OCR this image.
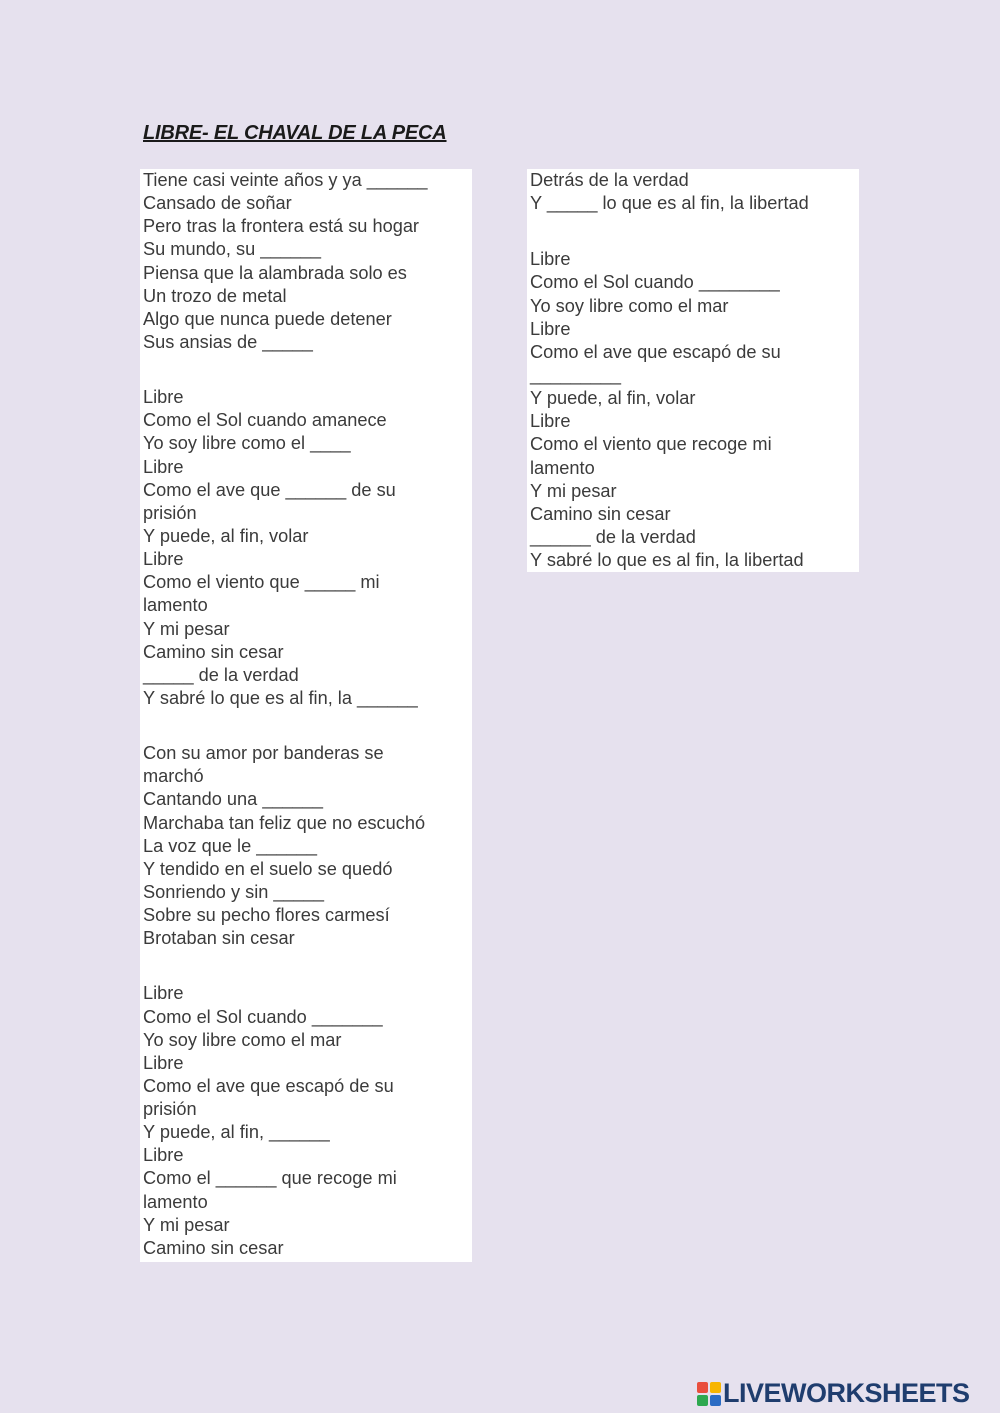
LIBRE- EL CHAVAL DE LA PECA
Tiene casi veinte años y ya ______
Cansado de soñar
Pero tras la frontera está su hogar
Su mundo, su ______
Piensa que la alambrada solo es
Un trozo de metal
Algo que nunca puede detener
Sus ansias de _____
Libre
Como el Sol cuando amanece
Yo soy libre como el ____
Libre
Como el ave que ______ de su
prisión
Y puede, al fin, volar
Libre
Como el viento que _____ mi
lamento
Y mi pesar
Camino sin cesar
_____ de la verdad
Y sabré lo que es al fin, la ______
Con su amor por banderas se
marchó
Cantando una ______
Marchaba tan feliz que no escuchó
La voz que le ______
Y tendido en el suelo se quedó
Sonriendo y sin _____
Sobre su pecho flores carmesí
Brotaban sin cesar
Libre
Como el Sol cuando _______
Yo soy libre como el mar
Libre
Como el ave que escapó de su
prisión
Y puede, al fin, ______
Libre
Como el ______ que recoge mi
lamento
Y mi pesar
Camino sin cesar
Detrás de la verdad
Y _____ lo que es al fin, la libertad
Libre
Como el Sol cuando ________
Yo soy libre como el mar
Libre
Como el ave que escapó de su
_________
Y puede, al fin, volar
Libre
Como el viento que recoge mi
lamento
Y mi pesar
Camino sin cesar
______ de la verdad
Y sabré lo que es al fin, la libertad
LIVEWORKSHEETS
